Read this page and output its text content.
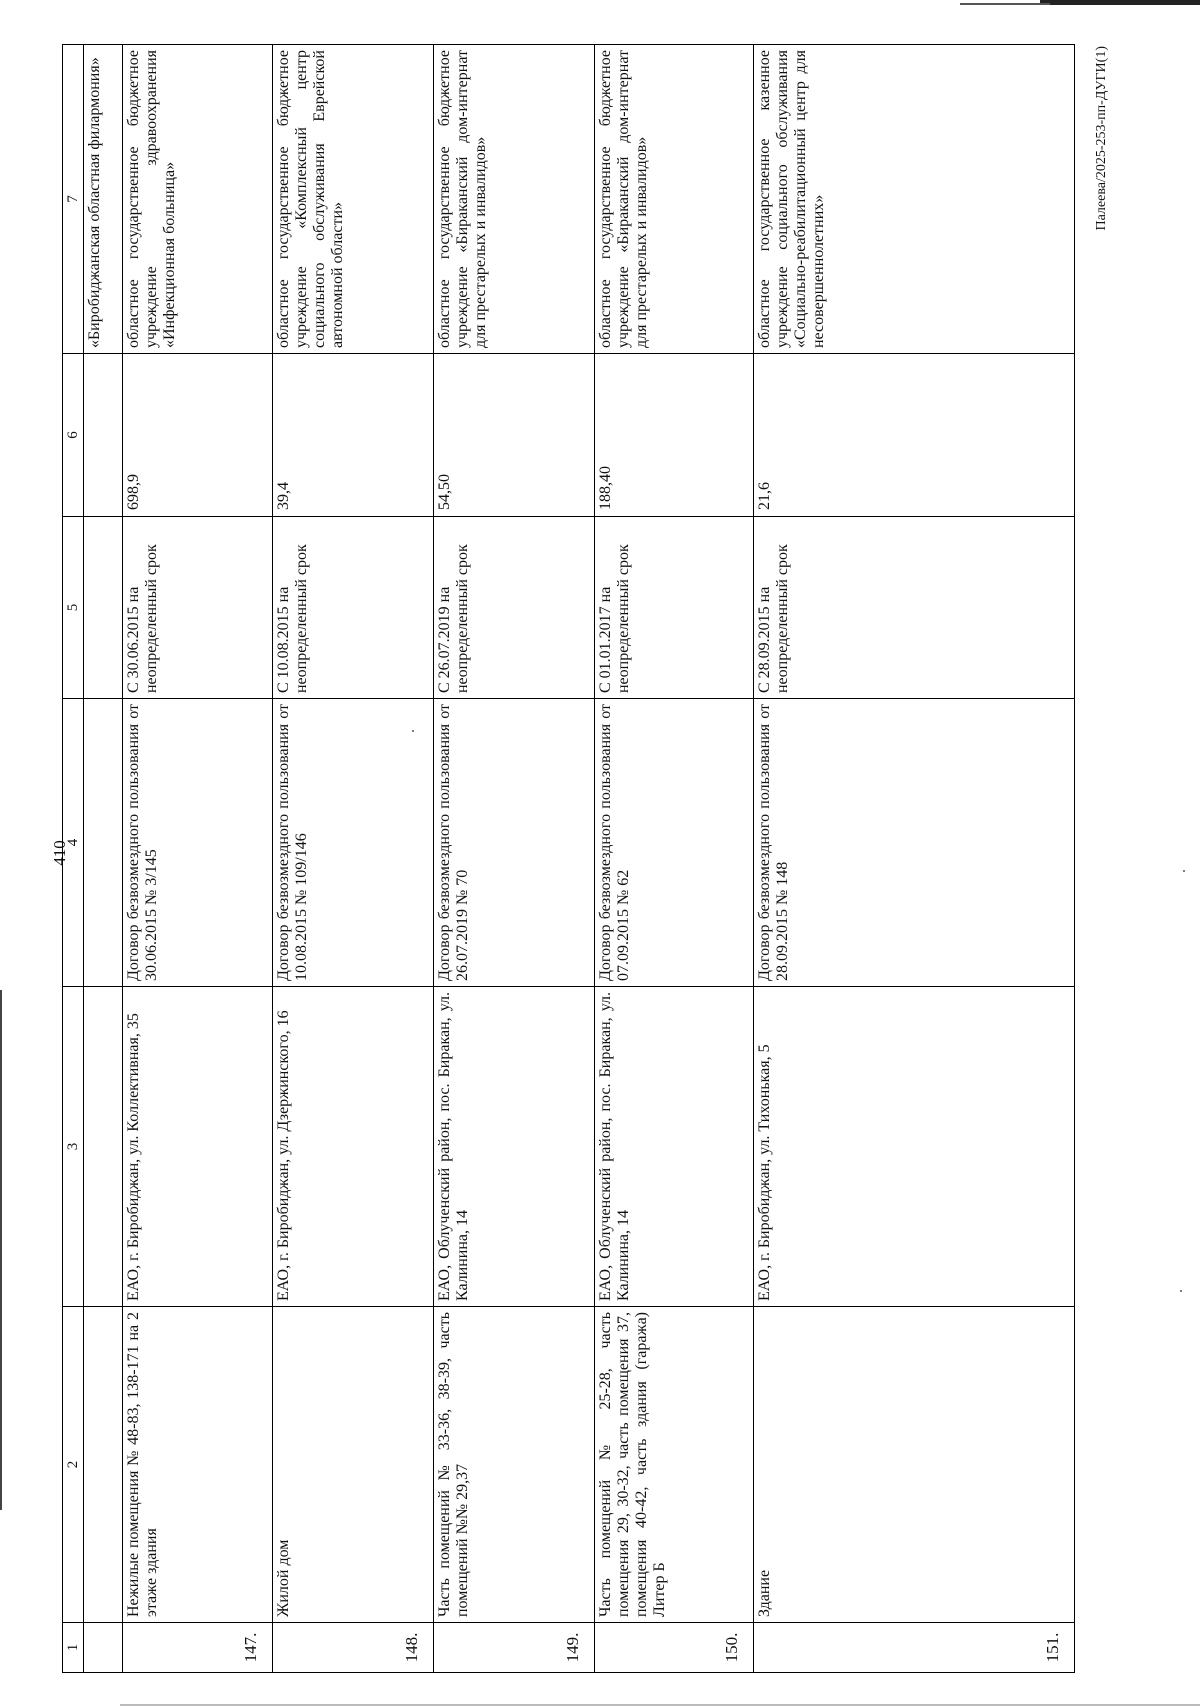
410
1	2	3	4	5	6	7
						«Биробиджанская областная филармония»
147.	Нежилые помещения № 48-83, 138-171 на 2 этаже здания	ЕАО, г. Биробиджан, ул. Коллективная, 35	Договор безвозмездного пользования от 30.06.2015 № 3/145	С 30.06.2015 на неопределенный срок	698,9	областное государственное бюджетное учреждение здравоохранения «Инфекционная больница»
148.	Жилой дом	ЕАО, г. Биробиджан, ул. Дзержинского, 16	Договор безвозмездного пользования от 10.08.2015 № 109/146	С 10.08.2015 на неопределенный срок	39,4	областное государственное бюджетное учреждение «Комплексный центр социального обслуживания Еврейской автономной области»
149.	Часть помещений № 33-36, 38-39, часть помещений №№ 29,37	ЕАО, Облученский район, пос. Биракан, ул. Калинина, 14	Договор безвозмездного пользования от 26.07.2019 № 70	С 26.07.2019 на неопределенный срок	54,50	областное государственное бюджетное учреждение «Бираканский дом-интернат для престарелых и инвалидов»
150.	Часть помещений № 25-28, часть помещения 29, 30-32, часть помещения 37, помещения 40-42, часть здания (гаража) Литер Б	ЕАО, Облученский район, пос. Биракан, ул. Калинина, 14	Договор безвозмездного пользования от 07.09.2015 № 62	С 01.01.2017 на неопределенный срок	188,40	областное государственное бюджетное учреждение «Бираканский дом-интернат для престарелых и инвалидов»
151.	Здание	ЕАО, г. Биробиджан, ул. Тихонькая, 5	Договор безвозмездного пользования от 28.09.2015 № 148	С 28.09.2015 на неопределенный срок	21,6	областное государственное казенное учреждение социального обслуживания «Социально-реабилитационный центр для несовершеннолетних»
Палеева/2025-253-пп-ДУГИ(1)
